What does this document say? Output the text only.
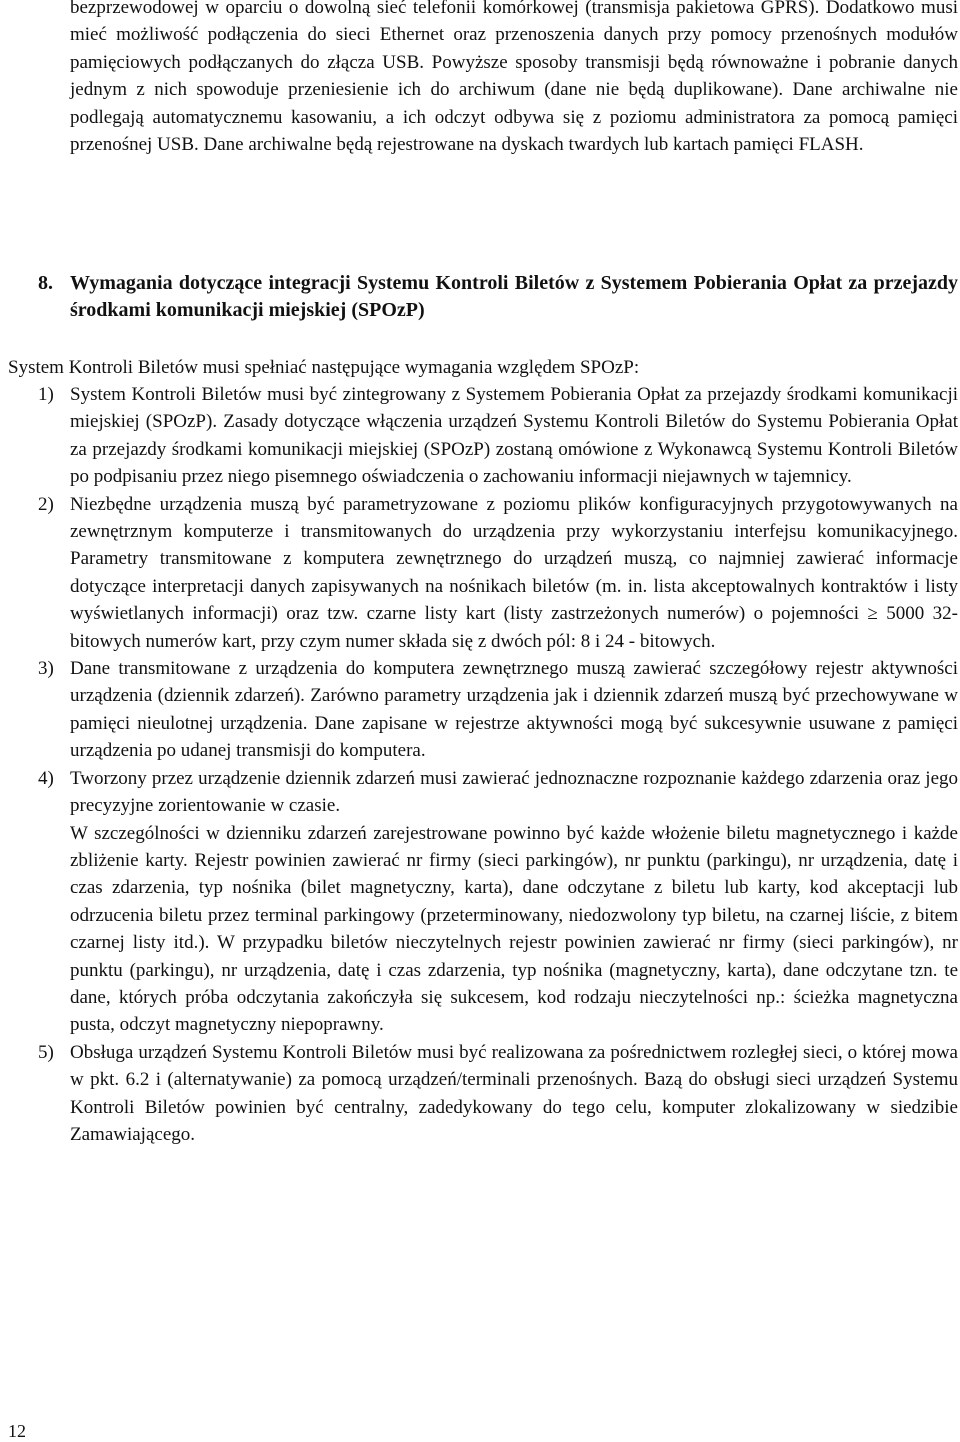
bezprzewodowej w oparciu o dowolną sieć telefonii komórkowej (transmisja pakietowa GPRS). Dodatkowo musi mieć możliwość podłączenia do sieci Ethernet oraz przenoszenia danych przy pomocy przenośnych modułów pamięciowych podłączanych do złącza USB. Powyższe sposoby transmisji będą równoważne i pobranie danych jednym z nich spowoduje przeniesienie ich do archiwum (dane nie będą duplikowane). Dane archiwalne nie podlegają automatycznemu kasowaniu, a ich odczyt odbywa się z poziomu administratora za pomocą pamięci przenośnej USB. Dane archiwalne będą rejestrowane na dyskach twardych lub kartach pamięci FLASH.
8. Wymagania dotyczące integracji Systemu Kontroli Biletów z Systemem Pobierania Opłat za przejazdy środkami komunikacji miejskiej (SPOzP)
System Kontroli Biletów musi spełniać następujące wymagania względem SPOzP:
1) System Kontroli Biletów musi być zintegrowany z Systemem Pobierania Opłat za przejazdy środkami komunikacji miejskiej (SPOzP). Zasady dotyczące włączenia urządzeń Systemu Kontroli Biletów do Systemu Pobierania Opłat za przejazdy środkami komunikacji miejskiej (SPOzP) zostaną omówione z Wykonawcą Systemu Kontroli Biletów po podpisaniu przez niego pisemnego oświadczenia o zachowaniu informacji niejawnych w tajemnicy.
2) Niezbędne urządzenia muszą być parametryzowane z poziomu plików konfiguracyjnych przygotowywanych na zewnętrznym komputerze i transmitowanych do urządzenia przy wykorzystaniu interfejsu komunikacyjnego. Parametry transmitowane z komputera zewnętrznego do urządzeń muszą, co najmniej zawierać informacje dotyczące interpretacji danych zapisywanych na nośnikach biletów (m. in. lista akceptowalnych kontraktów i listy wyświetlanych informacji) oraz tzw. czarne listy kart (listy zastrzeżonych numerów) o pojemności ≥ 5000 32-bitowych numerów kart, przy czym numer składa się z dwóch pól: 8 i 24 - bitowych.
3) Dane transmitowane z urządzenia do komputera zewnętrznego muszą zawierać szczegółowy rejestr aktywności urządzenia (dziennik zdarzeń). Zarówno parametry urządzenia jak i dziennik zdarzeń muszą być przechowywane w pamięci nieulotnej urządzenia. Dane zapisane w rejestrze aktywności mogą być sukcesywnie usuwane z pamięci urządzenia po udanej transmisji do komputera.
4) Tworzony przez urządzenie dziennik zdarzeń musi zawierać jednoznaczne rozpoznanie każdego zdarzenia oraz jego precyzyjne zorientowanie w czasie.
W szczególności w dzienniku zdarzeń zarejestrowane powinno być każde włożenie biletu magnetycznego i każde zbliżenie karty. Rejestr powinien zawierać nr firmy (sieci parkingów), nr punktu (parkingu), nr urządzenia, datę i czas zdarzenia, typ nośnika (bilet magnetyczny, karta), dane odczytane z biletu lub karty, kod akceptacji lub odrzucenia biletu przez terminal parkingowy (przeterminowany, niedozwolony typ biletu, na czarnej liście, z bitem czarnej listy itd.). W przypadku biletów nieczytelnych rejestr powinien zawierać nr firmy (sieci parkingów), nr punktu (parkingu), nr urządzenia, datę i czas zdarzenia, typ nośnika (magnetyczny, karta), dane odczytane tzn. te dane, których próba odczytania zakończyła się sukcesem, kod rodzaju nieczytelności np.: ścieżka magnetyczna pusta, odczyt magnetyczny niepoprawny.
5) Obsługa urządzeń Systemu Kontroli Biletów musi być realizowana za pośrednictwem rozległej sieci, o której mowa w pkt. 6.2 i (alternatywanie) za pomocą urządzeń/terminali przenośnych. Bazą do obsługi sieci urządzeń Systemu Kontroli Biletów powinien być centralny, zadedykowany do tego celu, komputer zlokalizowany w siedzibie Zamawiającego.
12
